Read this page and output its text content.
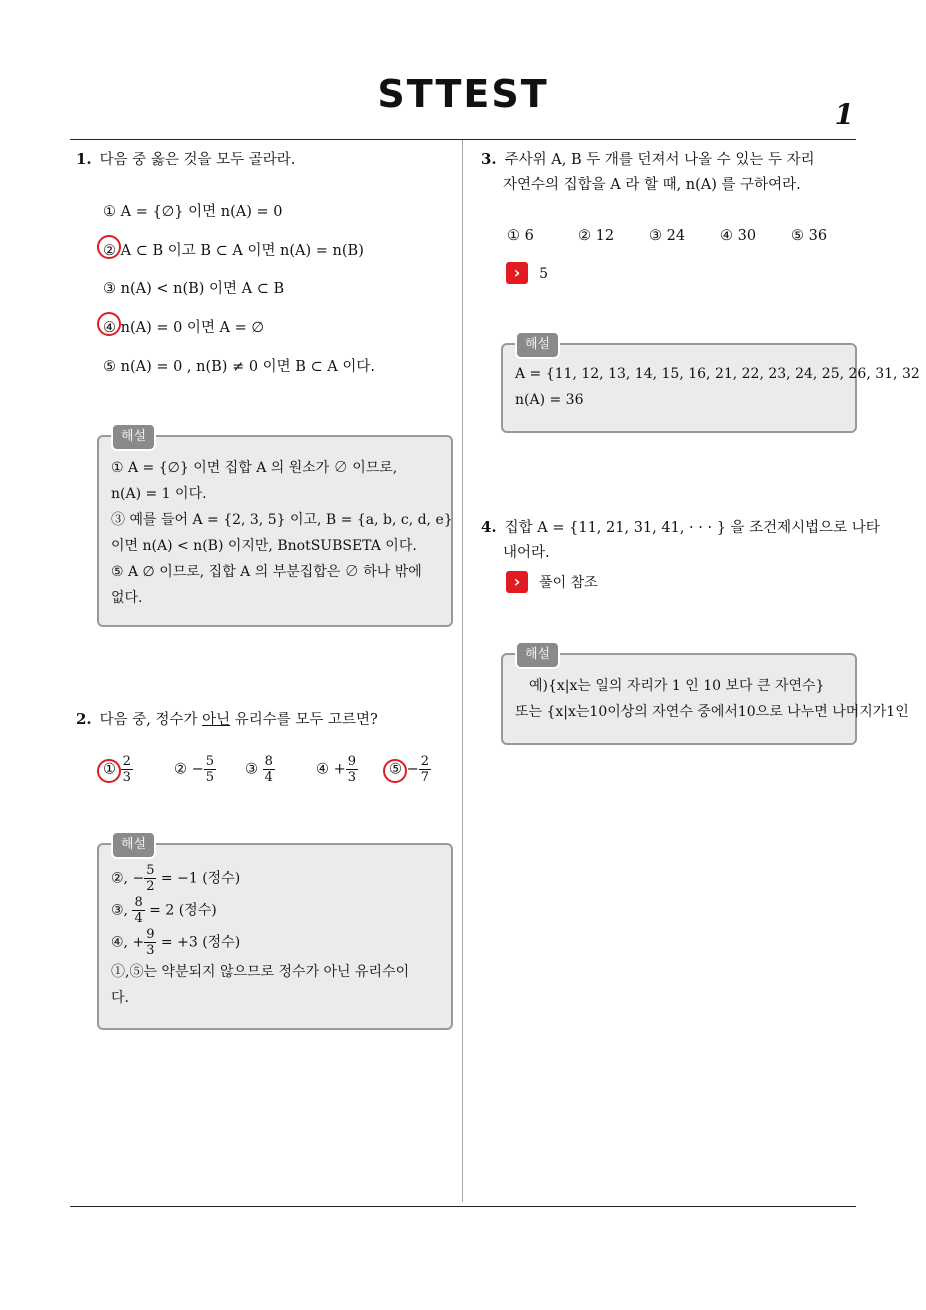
STTEST	1
1. 다음 중 옳은 것을 모두 골라라.
① A = {∅} 이면 n(A) = 0
② A ⊂ B 이고 B ⊂ A 이면 n(A) = n(B)
③ n(A) < n(B) 이면 A ⊂ B
④ n(A) = 0 이면 A = ∅
⑤ n(A) = 0 , n(B) ≠ 0 이면 B ⊂ A 이다.
해설
① A = {∅} 이면 집합 A 의 원소가 ∅ 이므로,
n(A) = 1 이다.
③ 예를 들어 A = {2, 3, 5} 이고, B = {a, b, c, d, e}
이면 n(A) < n(B) 이지만, BnotSUBSETA 이다.
⑤ A ∅ 이므로, 집합 A 의 부분집합은 ∅ 하나 밖에
없다.
2. 다음 중, 정수가 아닌 유리수를 모두 고르면?
① $\frac{2}{3}$	② − $\frac{5}{5}$ ③ $\frac{8}{4}$	④ + $\frac{9}{3}$ ⑤ − $\frac{2}{7}$
해설
②, − $\frac{5}{2} = -1$ (정수)
③, $\frac{8}{4} = 2$ (정수)
④, + $\frac{9}{3} = +3$ (정수)
①,⑤는 약분되지 않으므로 정수가 아닌 유리수이
다.
3. 주사위 A, B 두 개를 던져서 나올 수 있는 두 자리
자연수의 집합을 A 라 할 때, n(A) 를 구하여라.
① 6	② 12 ③ 24 ④ 30 ⑤ 36
› 5
해설
A = {11, 12, 13, 14, 15, 16, 21, 22, 23, 24, 25, 26, 31, 32
n(A) = 36
4. 집합 A = {11, 21, 31, 41, · · · } 을 조건제시법으로 나타
내어라.
› 풀이 참조
해설
예){x|x는 일의 자리가 1 인 10 보다 큰 자연수}
또는 {x|x는10이상의 자연수 중에서10으로 나누면 나머지가1인
